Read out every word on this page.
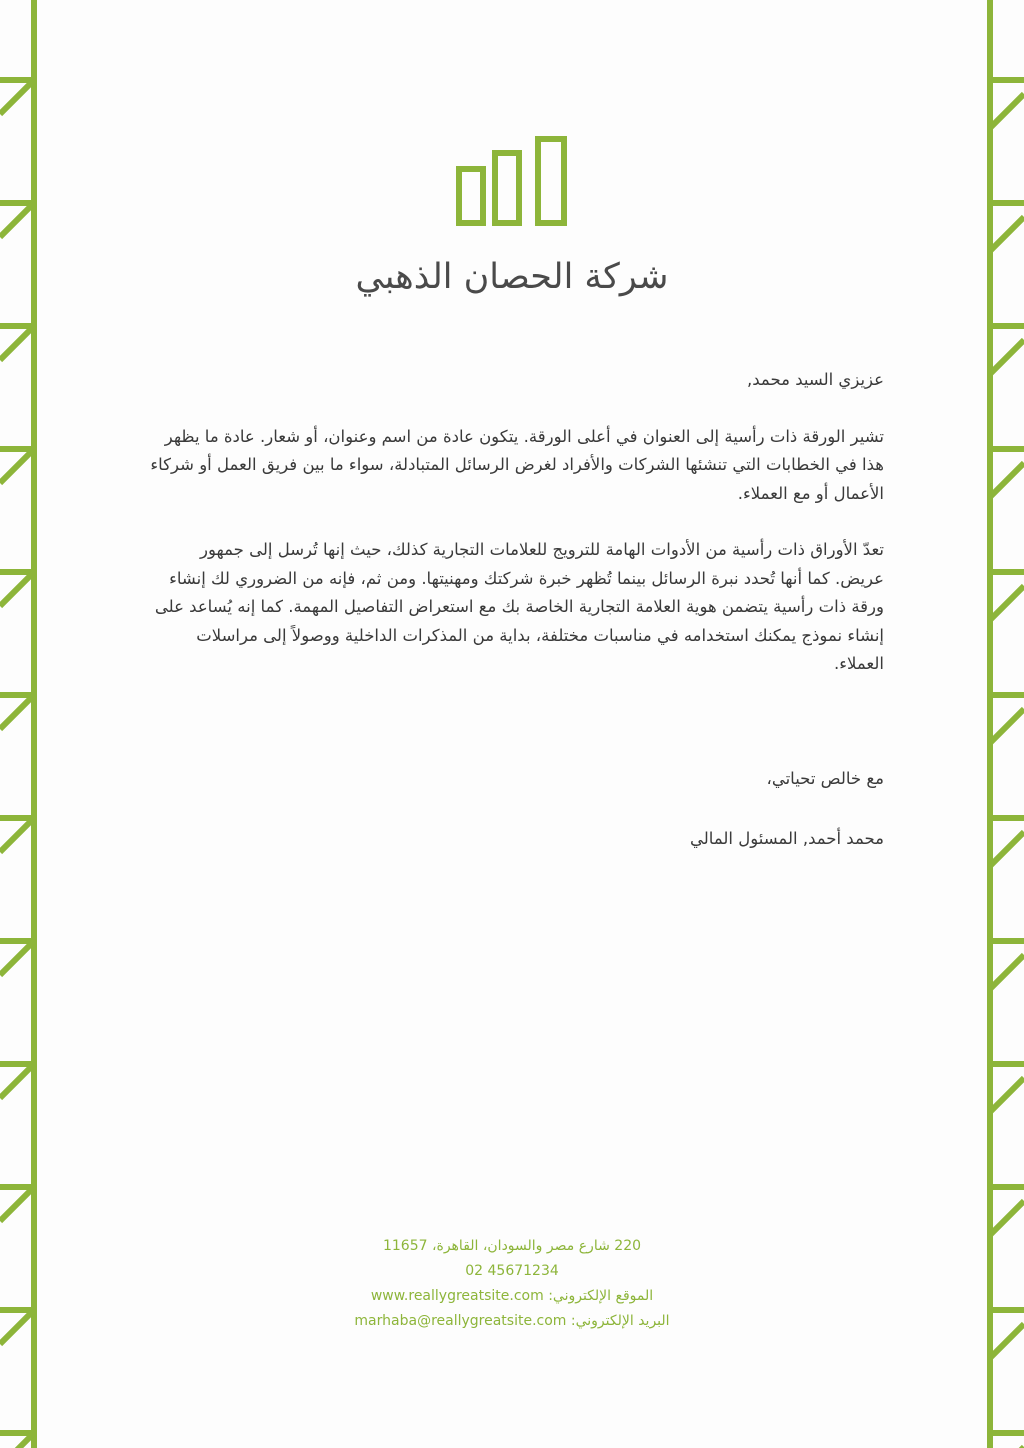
شركة الحصان الذهبي

عزيزي السيد محمد,

تشير الورقة ذات رأسية إلى العنوان في أعلى الورقة. يتكون عادة من اسم وعنوان، أو شعار. عادة ما يظهر هذا في الخطابات التي تنشئها الشركات والأفراد لغرض الرسائل المتبادلة، سواء ما بين فريق العمل أو شركاء الأعمال أو مع العملاء.

تعدّ الأوراق ذات رأسية من الأدوات الهامة للترويج للعلامات التجارية كذلك، حيث إنها تُرسل إلى جمهور عريض. كما أنها تُحدد نبرة الرسائل بينما تُظهر خبرة شركتك ومهنيتها. ومن ثم، فإنه من الضروري لك إنشاء ورقة ذات رأسية يتضمن هوية العلامة التجارية الخاصة بك مع استعراض التفاصيل المهمة. كما إنه يُساعد على إنشاء نموذج يمكنك استخدامه في مناسبات مختلفة، بداية من المذكرات الداخلية ووصولاً إلى مراسلات العملاء.

مع خالص تحياتي،

محمد أحمد, المسئول المالي

220 شارع مصر والسودان، القاهرة، 11657
02 45671234
الموقع الإلكتروني: www.reallygreatsite.com
البريد الإلكتروني: marhaba@reallygreatsite.com
